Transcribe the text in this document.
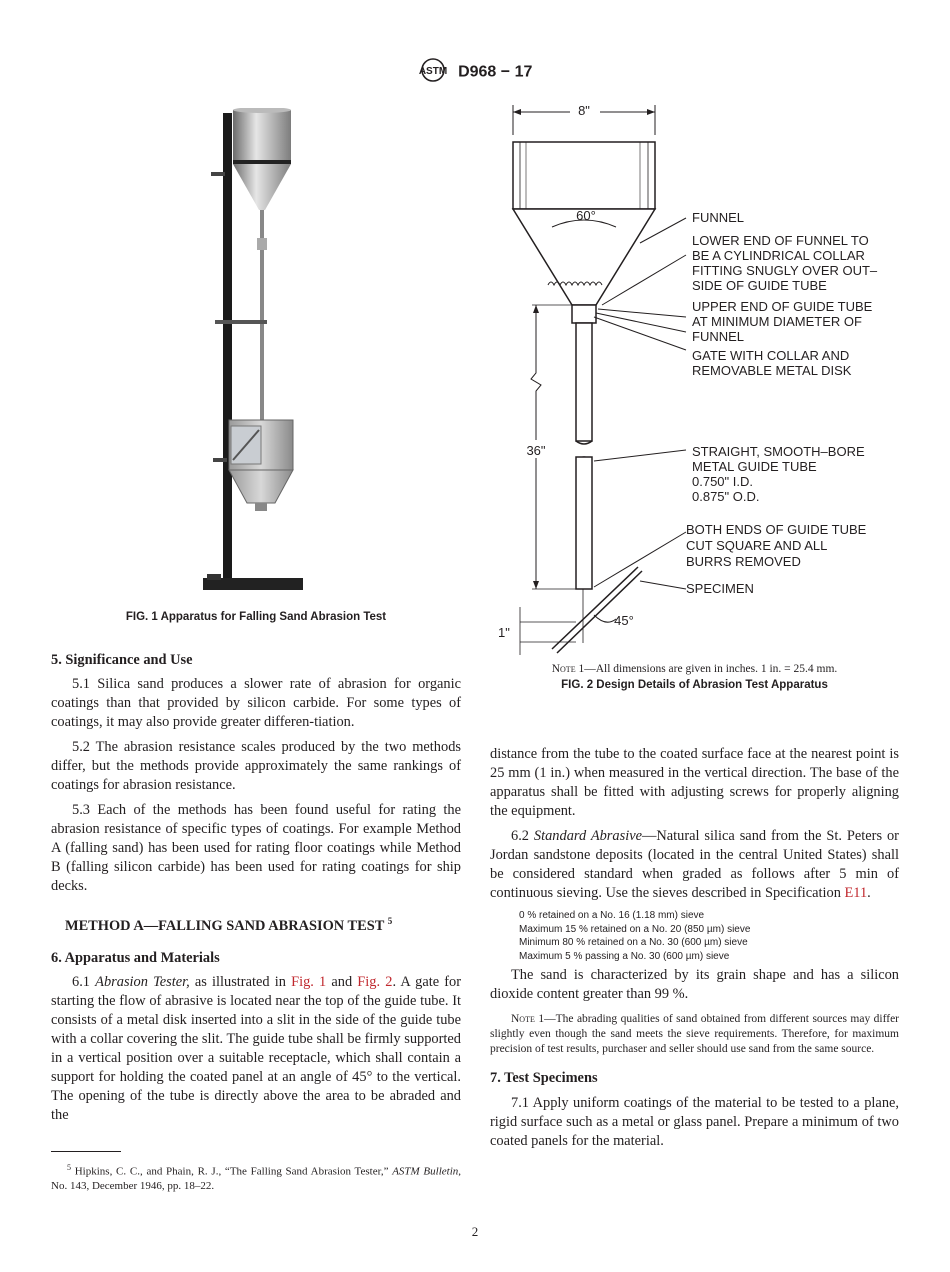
ASTM D968 − 17
FIG. 1 Apparatus for Falling Sand Abrasion Test
8"
60°
45°
36"
1"
FUNNEL
LOWER END OF FUNNEL TO
BE A CYLINDRICAL COLLAR
FITTING SNUGLY OVER OUT–
SIDE OF GUIDE TUBE
UPPER END OF GUIDE TUBE
AT MINIMUM DIAMETER OF
FUNNEL
GATE WITH COLLAR AND
REMOVABLE METAL DISK
STRAIGHT, SMOOTH–BORE
METAL GUIDE TUBE
0.750" I.D.
0.875" O.D.
BOTH ENDS OF GUIDE TUBE
CUT SQUARE AND ALL
BURRS REMOVED
SPECIMEN
Note 1—All dimensions are given in inches. 1 in. = 25.4 mm.
FIG. 2 Design Details of Abrasion Test Apparatus
5. Significance and Use

5.1 Silica sand produces a slower rate of abrasion for organic coatings than that provided by silicon carbide. For some types of coatings, it may also provide greater differen-tiation.

5.2 The abrasion resistance scales produced by the two methods differ, but the methods provide approximately the same rankings of coatings for abrasion resistance.

5.3 Each of the methods has been found useful for rating the abrasion resistance of specific types of coatings. For example Method A (falling sand) has been used for rating floor coatings while Method B (falling silicon carbide) has been used for rating coatings for ship decks.

METHOD A—FALLING SAND ABRASION TEST $^5$
6. Apparatus and Materials

6.1 Abrasion Tester, as illustrated in Fig. 1 and Fig. 2. A gate for starting the flow of abrasive is located near the top of the guide tube. It consists of a metal disk inserted into a slit in the side of the guide tube with a collar covering the slit. The guide tube shall be firmly supported in a vertical position over a suitable receptacle, which shall contain a support for holding the coated panel at an angle of 45° to the vertical. The opening of the tube is directly above the area to be abraded and the

$^5$ Hipkins, C. C., and Phain, R. J., “The Falling Sand Abrasion Tester,” ASTM Bulletin, No. 143, December 1946, pp. 18–22.

distance from the tube to the coated surface face at the nearest point is 25 mm (1 in.) when measured in the vertical direction. The base of the apparatus shall be fitted with adjusting screws for properly aligning the equipment.

6.2 Standard Abrasive—Natural silica sand from the St. Peters or Jordan sandstone deposits (located in the central United States) shall be considered standard when graded as follows after 5 min of continuous sieving. Use the sieves described in Specification E11.

0 % retained on a No. 16 (1.18 mm) sieve
Maximum 15 % retained on a No. 20 (850 µm) sieve
Minimum 80 % retained on a No. 30 (600 µm) sieve
Maximum 5 % passing a No. 30 (600 µm) sieve

The sand is characterized by its grain shape and has a silicon dioxide content greater than 99 %.

Note 1—The abrading qualities of sand obtained from different sources may differ slightly even though the sand meets the sieve requirements. Therefore, for maximum precision of test results, purchaser and seller should use sand from the same source.
7. Test Specimens

7.1 Apply uniform coatings of the material to be tested to a plane, rigid surface such as a metal or glass panel. Prepare a minimum of two coated panels for the material.

2
